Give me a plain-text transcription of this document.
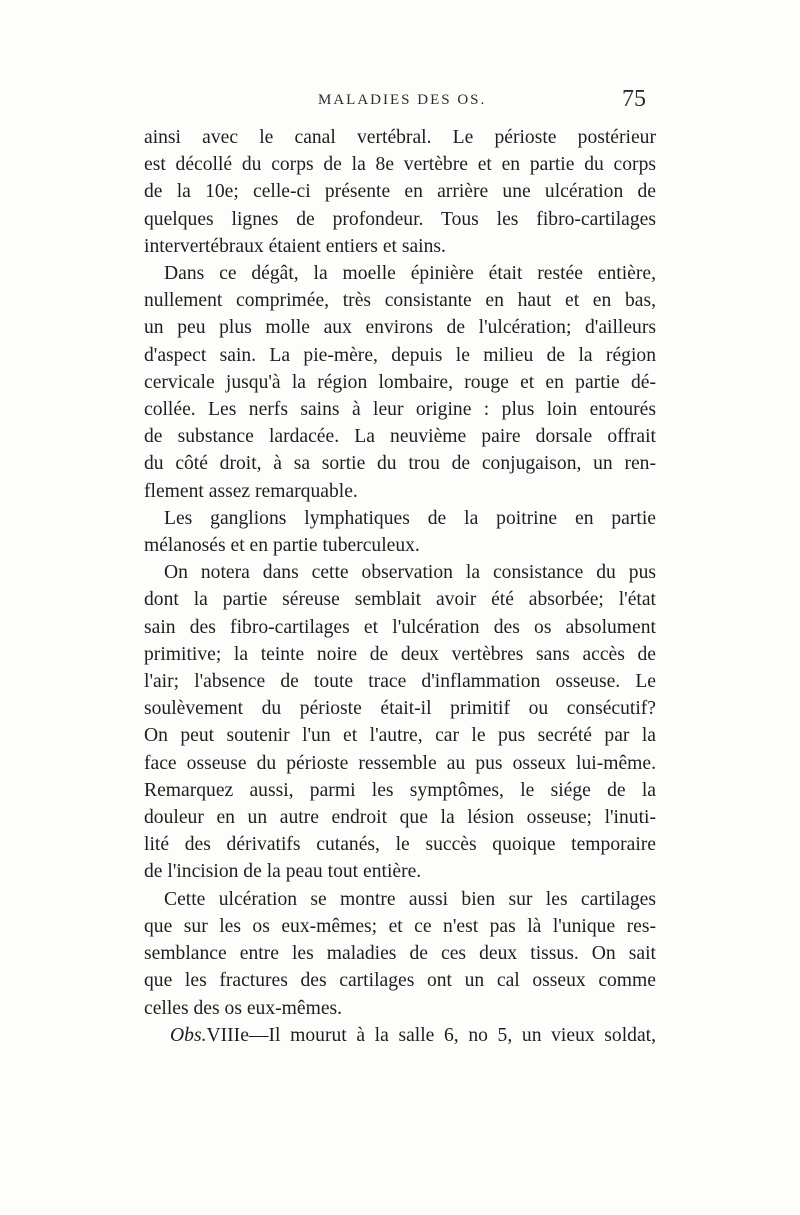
MALADIES DES OS.	75
ainsi avec le canal vertébral. Le périoste postérieur
est décollé du corps de la 8e vertèbre et en partie du corps
de la 10e; celle-ci présente en arrière une ulcération de
quelques lignes de profondeur. Tous les fibro-cartilages
intervertébraux étaient entiers et sains.
Dans ce dégât, la moelle épinière était restée entière,
nullement comprimée, très consistante en haut et en bas,
un peu plus molle aux environs de l'ulcération; d'ailleurs
d'aspect sain. La pie-mère, depuis le milieu de la région
cervicale jusqu'à la région lombaire, rouge et en partie dé-
collée. Les nerfs sains à leur origine : plus loin entourés
de substance lardacée. La neuvième paire dorsale offrait
du côté droit, à sa sortie du trou de conjugaison, un ren-
flement assez remarquable.
Les ganglions lymphatiques de la poitrine en partie
mélanosés et en partie tuberculeux.
On notera dans cette observation la consistance du pus
dont la partie séreuse semblait avoir été absorbée; l'état
sain des fibro-cartilages et l'ulcération des os absolument
primitive; la teinte noire de deux vertèbres sans accès de
l'air; l'absence de toute trace d'inflammation osseuse. Le
soulèvement du périoste était-il primitif ou consécutif?
On peut soutenir l'un et l'autre, car le pus secrété par la
face osseuse du périoste ressemble au pus osseux lui-même.
Remarquez aussi, parmi les symptômes, le siége de la
douleur en un autre endroit que la lésion osseuse; l'inuti-
lité des dérivatifs cutanés, le succès quoique temporaire
de l'incision de la peau tout entière.
Cette ulcération se montre aussi bien sur les cartilages
que sur les os eux-mêmes; et ce n'est pas là l'unique res-
semblance entre les maladies de ces deux tissus. On sait
que les fractures des cartilages ont un cal osseux comme
celles des os eux-mêmes.
Obs.VIIIe—Il mourut à la salle 6, no 5, un vieux soldat,
